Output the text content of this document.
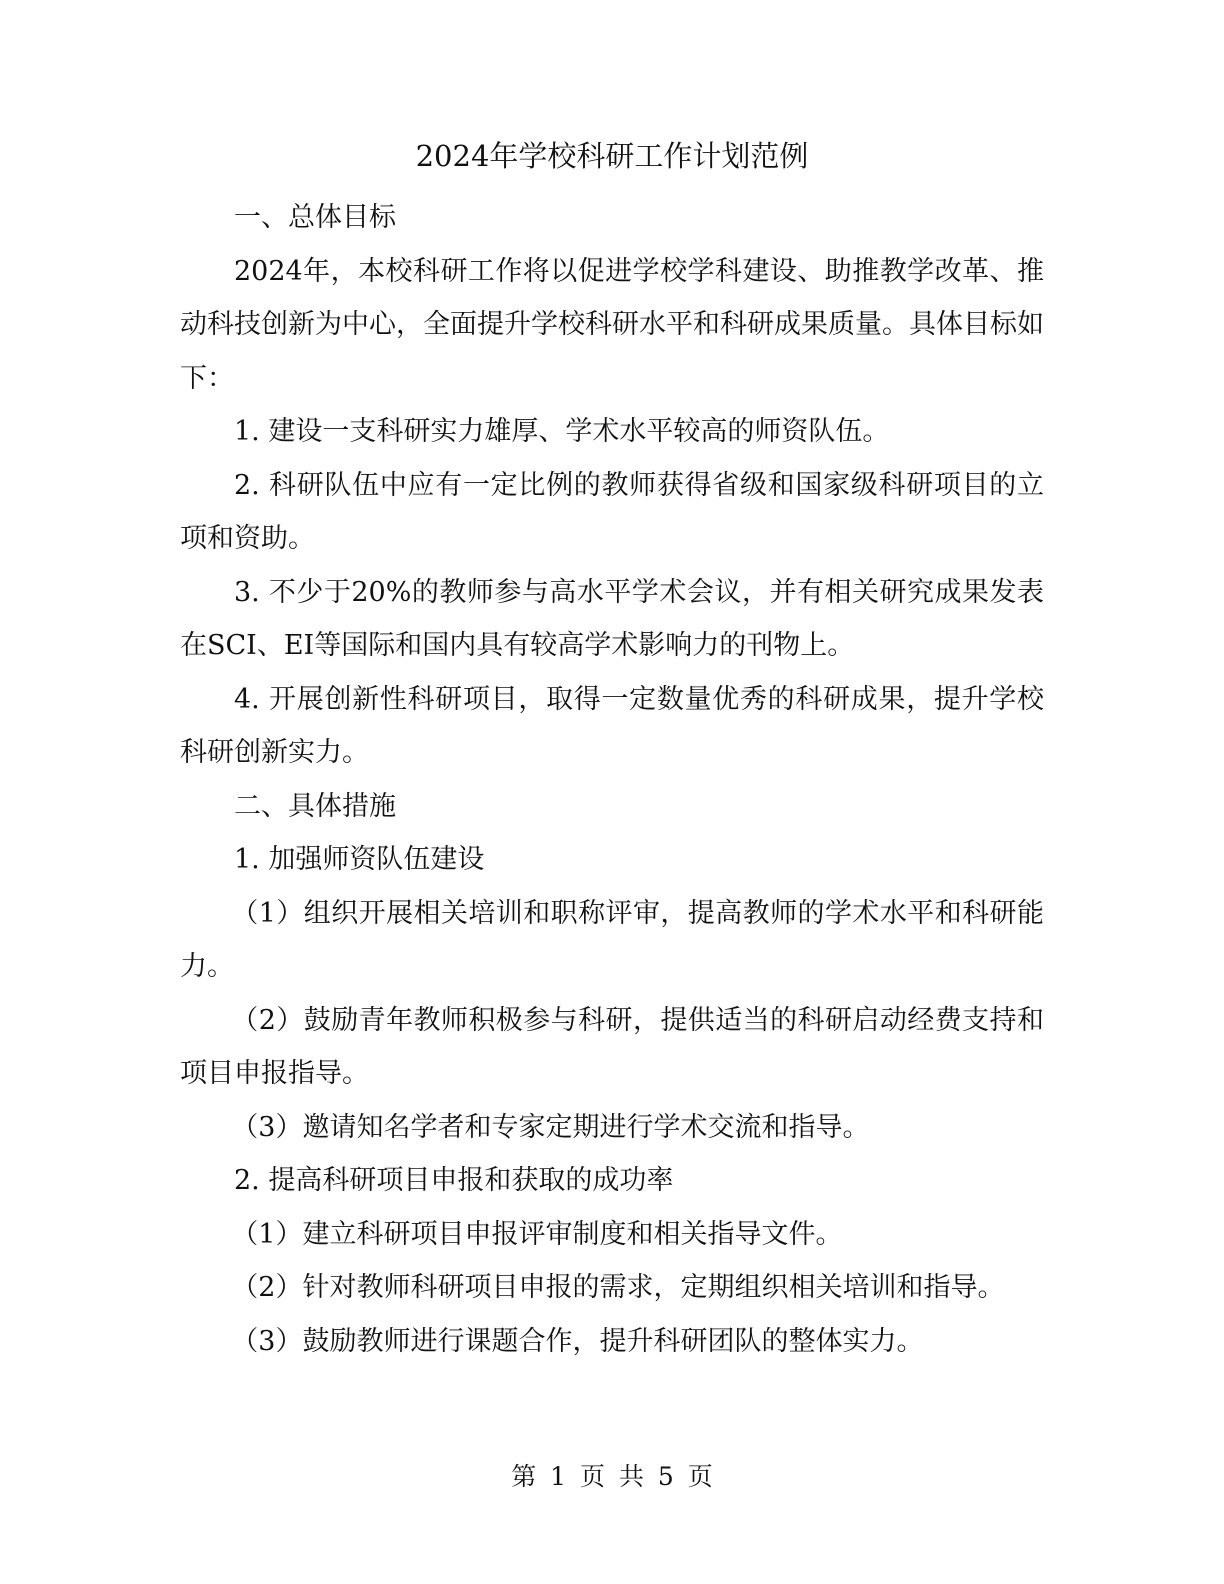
2024年学校科研工作计划范例

一、总体目标

2024年，本校科研工作将以促进学校学科建设、助推教学改革、推动科技创新为中心，全面提升学校科研水平和科研成果质量。具体目标如下：

1. 建设一支科研实力雄厚、学术水平较高的师资队伍。

2. 科研队伍中应有一定比例的教师获得省级和国家级科研项目的立项和资助。

3. 不少于20%的教师参与高水平学术会议，并有相关研究成果发表在SCI、EI等国际和国内具有较高学术影响力的刊物上。

4. 开展创新性科研项目，取得一定数量优秀的科研成果，提升学校科研创新实力。

二、具体措施

1. 加强师资队伍建设

（1）组织开展相关培训和职称评审，提高教师的学术水平和科研能力。

（2）鼓励青年教师积极参与科研，提供适当的科研启动经费支持和项目申报指导。

（3）邀请知名学者和专家定期进行学术交流和指导。

2. 提高科研项目申报和获取的成功率

（1）建立科研项目申报评审制度和相关指导文件。

（2）针对教师科研项目申报的需求，定期组织相关培训和指导。

（3）鼓励教师进行课题合作，提升科研团队的整体实力。

第 1 页 共 5 页
